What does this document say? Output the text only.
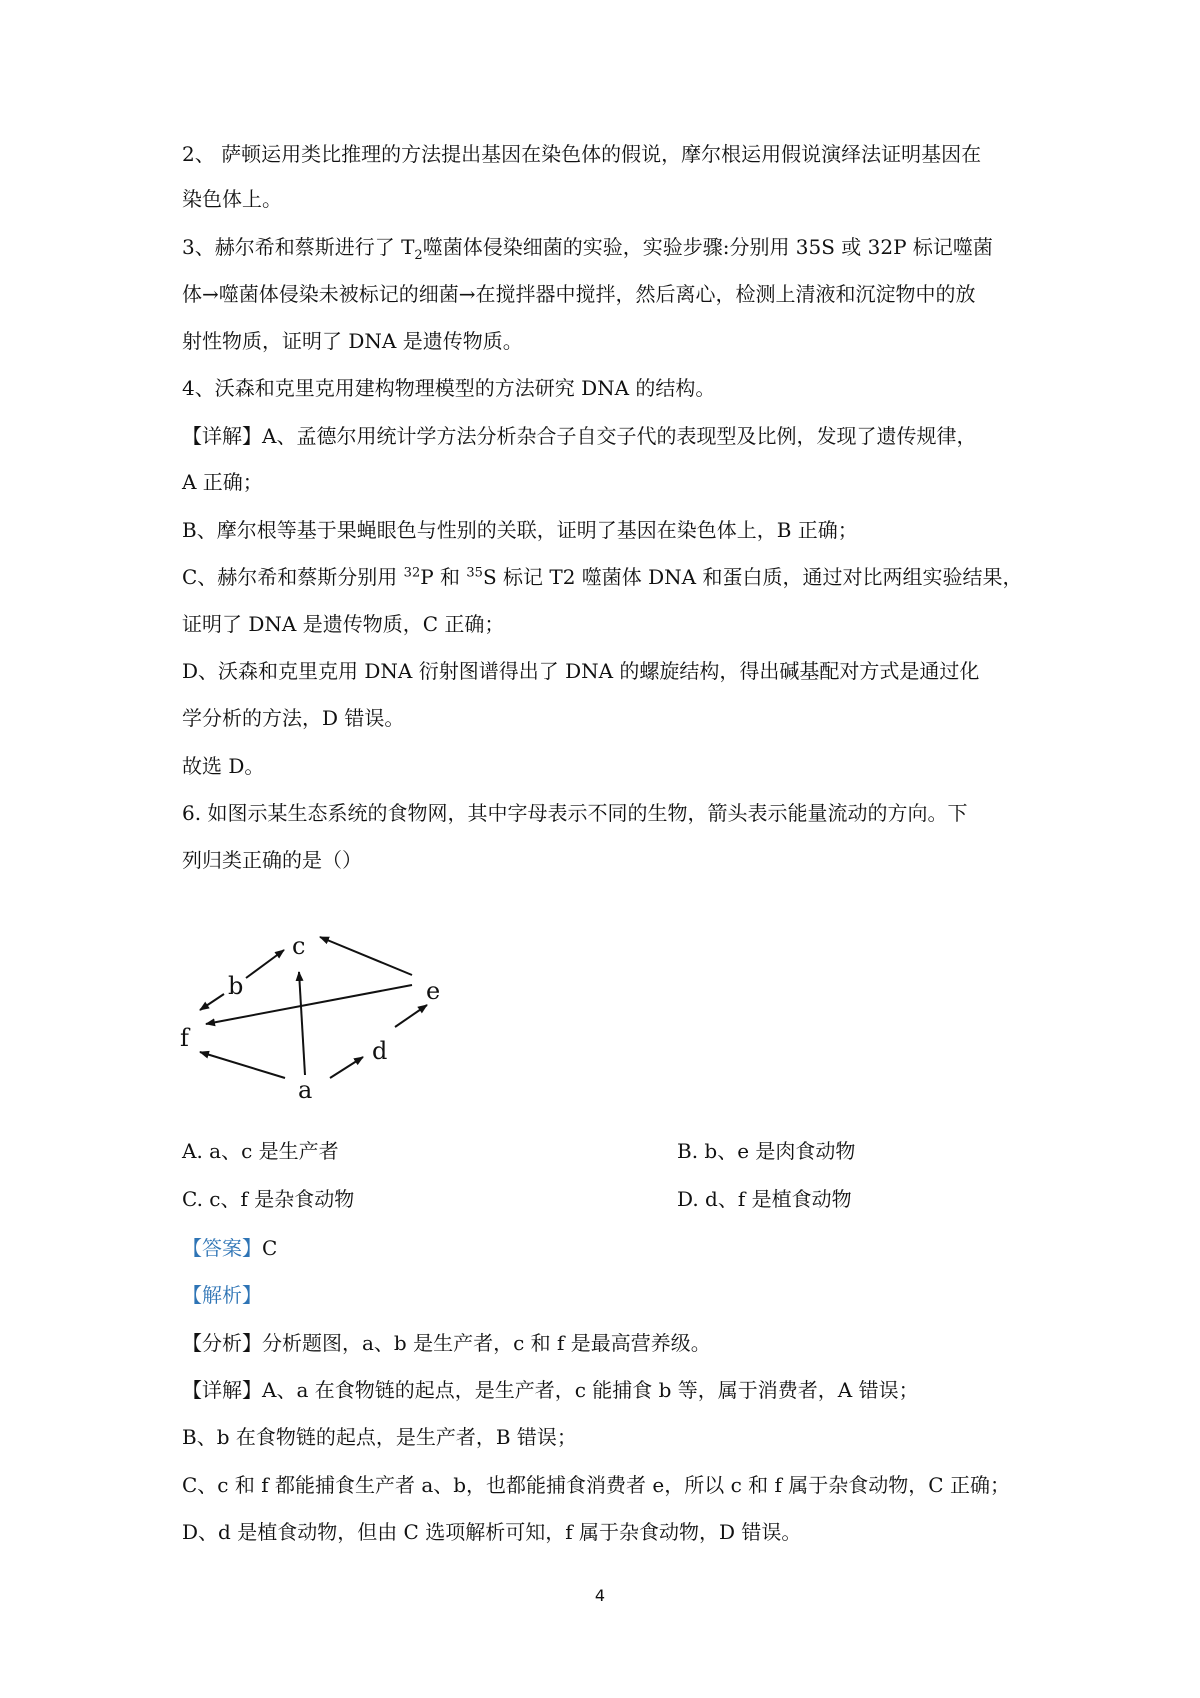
2、 萨顿运用类比推理的方法提出基因在染色体的假说，摩尔根运用假说演绎法证明基因在
染色体上。
3、赫尔希和蔡斯进行了 $T_2$噬菌体侵染细菌的实验，实验步骤:分别用 35S 或 32P 标记噬菌
体→噬菌体侵染未被标记的细菌→在搅拌器中搅拌，然后离心，检测上清液和沉淀物中的放
射性物质，证明了 DNA 是遗传物质。
4、沃森和克里克用建构物理模型的方法研究 DNA 的结构。
【详解】A、孟德尔用统计学方法分析杂合子自交子代的表现型及比例，发现了遗传规律，
A 正确；
B、摩尔根等基于果蝇眼色与性别的关联，证明了基因在染色体上，B 正确；
C、赫尔希和蔡斯分别用 $^{32}$P 和 $^{35}$S 标记 T2 噬菌体 DNA 和蛋白质，通过对比两组实验结果，
证明了 DNA 是遗传物质，C 正确；
D、沃森和克里克用 DNA 衍射图谱得出了 DNA 的螺旋结构，得出碱基配对方式是通过化
学分析的方法，D 错误。
故选 D。
6. 如图示某生态系统的食物网，其中字母表示不同的生物，箭头表示能量流动的方向。下
列归类正确的是（）
c
b	e
f	d
a
A. a、c 是生产者	B. b、e 是肉食动物
C. c、f 是杂食动物	D. d、f 是植食动物
【答案】C
【解析】
【分析】分析题图，a、b 是生产者，c 和 f 是最高营养级。
【详解】A、a 在食物链的起点，是生产者，c 能捕食 b 等，属于消费者，A 错误；
B、b 在食物链的起点，是生产者，B 错误；
C、c 和 f 都能捕食生产者 a、b，也都能捕食消费者 e，所以 c 和 f 属于杂食动物，C 正确；
D、d 是植食动物，但由 C 选项解析可知，f 属于杂食动物，D 错误。
4
